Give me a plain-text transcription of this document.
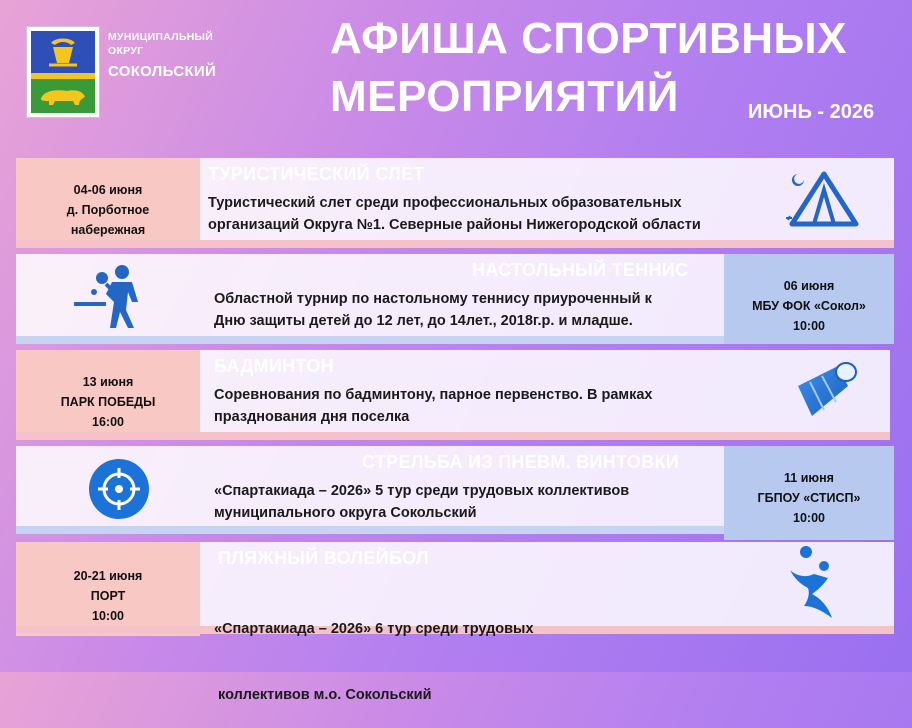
МУНИЦИПАЛЬНЫЙ
ОКРУГ
СОКОЛЬСКИЙ
АФИША СПОРТИВНЫХ
МЕРОПРИЯТИЙ	ИЮНЬ - 2026
04-06 июня
д. Порботное
набережная
ТУРИСТИЧЕСКИЙ СЛЕТ
Туристический слет среди профессиональных образовательных
организаций Округа №1. Северные районы Нижегородской области
НАСТОЛЬНЫЙ ТЕННИС
Областной турнир по настольному теннису приуроченный к
Дню защиты детей до 12 лет, до 14лет., 2018г.р. и младше.
06 июня
МБУ ФОК «Сокол»
10:00
13 июня
ПАРК ПОБЕДЫ
16:00
БАДМИНТОН
Соревнования по бадминтону, парное первенство. В рамках
празднования дня поселка
СТРЕЛЬБА ИЗ ПНЕВМ. ВИНТОВКИ
«Спартакиада – 2026» 5 тур среди трудовых коллективов
муниципального округа Сокольский
11 июня
ГБПОУ «СТИСП»
10:00
20-21 июня
ПОРТ
10:00
ПЛЯЖНЫЙ ВОЛЕЙБОЛ

«Спартакиада – 2026» 6 тур среди трудовых

коллективов м.о. Сокольский
